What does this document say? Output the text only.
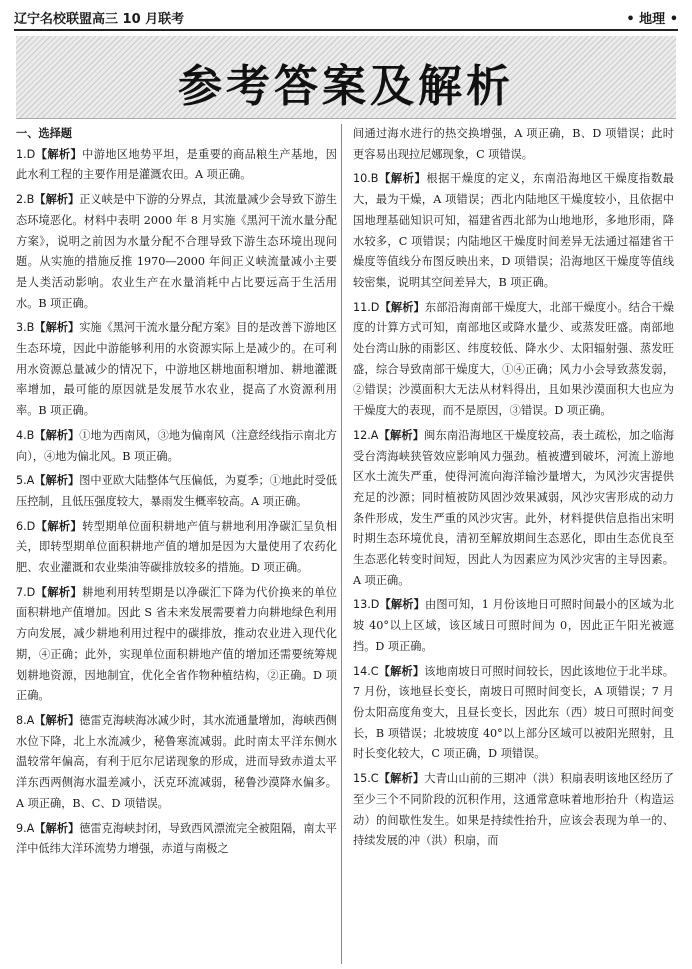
辽宁名校联盟高三 10 月联考	• 地理 •
参考答案及解析
一、选择题
1.D【解析】中游地区地势平坦，是重要的商品粮生产基地，因此水利工程的主要作用是灌溉农田。A 项正确。
2.B【解析】正义峡是中下游的分界点，其流量减少会导致下游生态环境恶化。材料中表明 2000 年 8 月实施《黑河干流水量分配方案》，说明之前因为水量分配不合理导致下游生态环境出现问题。从实施的措施反推 1970—2000 年间正义峡流量减小主要是人类活动影响。农业生产在水量消耗中占比要远高于生活用水。B 项正确。
3.B【解析】实施《黑河干流水量分配方案》目的是改善下游地区生态环境，因此中游能够利用的水资源实际上是减少的。在可利用水资源总量减少的情况下，中游地区耕地面积增加、耕地灌溉率增加，最可能的原因就是发展节水农业，提高了水资源利用率。B 项正确。
4.B【解析】①地为西南风，③地为偏南风（注意经线指示南北方向），④地为偏北风。B 项正确。
5.A【解析】图中亚欧大陆整体气压偏低，为夏季；①地此时受低压控制，且低压强度较大，暴雨发生概率较高。A 项正确。
6.D【解析】转型期单位面积耕地产值与耕地利用净碳汇呈负相关，即转型期单位面积耕地产值的增加是因为大量使用了农药化肥、农业灌溉和农业柴油等碳排放较多的措施。D 项正确。
7.D【解析】耕地利用转型期是以净碳汇下降为代价换来的单位面积耕地产值增加。因此 S 省未来发展需要着力向耕地绿色利用方向发展，减少耕地利用过程中的碳排放，推动农业进入现代化期，④正确；此外，实现单位面积耕地产值的增加还需要统筹规划耕地资源，因地制宜，优化全省作物种植结构，②正确。D 项正确。
8.A【解析】德雷克海峡海冰减少时，其水流通量增加，海峡西侧水位下降，北上水流减少，秘鲁寒流减弱。此时南太平洋东侧水温较常年偏高，有利于厄尔尼诺现象的形成，进而导致赤道太平洋东西两侧海水温差减小，沃克环流减弱，秘鲁沙漠降水偏多。A 项正确，B、C、D 项错误。
9.A【解析】德雷克海峡封闭，导致西风漂流完全被阻隔，南太平洋中低纬大洋环流势力增强，赤道与南极之
间通过海水进行的热交换增强，A 项正确，B、D 项错误；此时更容易出现拉尼娜现象，C 项错误。
10.B【解析】根据干燥度的定义，东南沿海地区干燥度指数最大，最为干燥，A 项错误；西北内陆地区干燥度较小，且依据中国地理基础知识可知，福建省西北部为山地地形，多地形雨，降水较多，C 项错误；内陆地区干燥度时间差异无法通过福建省干燥度等值线分布图反映出来，D 项错误；沿海地区干燥度等值线较密集，说明其空间差异大，B 项正确。
11.D【解析】东部沿海南部干燥度大，北部干燥度小。结合干燥度的计算方式可知，南部地区或降水量少、或蒸发旺盛。南部地处台湾山脉的雨影区、纬度较低、降水少、太阳辐射强、蒸发旺盛，综合导致南部干燥度大，①④正确；风力小会导致蒸发弱，②错误；沙漠面积大无法从材料得出，且如果沙漠面积大也应为干燥度大的表现，而不是原因，③错误。D 项正确。
12.A【解析】闽东南沿海地区干燥度较高，表土疏松，加之临海受台湾海峡狭管效应影响风力强劲。植被遭到破坏，河流上游地区水土流失严重，使得河流向海洋输沙量增大，为风沙灾害提供充足的沙源；同时植被防风固沙效果减弱，风沙灾害形成的动力条件形成，发生严重的风沙灾害。此外，材料提供信息指出宋明时期生态环境优良，清初至解放期间生态恶化，即由生态优良至生态恶化转变时间短，因此人为因素应为风沙灾害的主导因素。A 项正确。
13.D【解析】由图可知，1 月份该地日可照时间最小的区域为北坡 40°以上区域，该区域日可照时间为 0，因此正午阳光被遮挡。D 项正确。
14.C【解析】该地南坡日可照时间较长，因此该地位于北半球。7 月份，该地昼长变长，南坡日可照时间变长，A 项错误；7 月份太阳高度角变大，且昼长变长，因此东（西）坡日可照时间变长，B 项错误；北坡坡度 40°以上部分区域可以被阳光照射，且时长变化较大，C 项正确，D 项错误。
15.C【解析】大青山山前的三期冲（洪）积扇表明该地区经历了至少三个不同阶段的沉积作用，这通常意味着地形抬升（构造运动）的间歇性发生。如果是持续性抬升，应该会表现为单一的、持续发展的冲（洪）积扇，而
